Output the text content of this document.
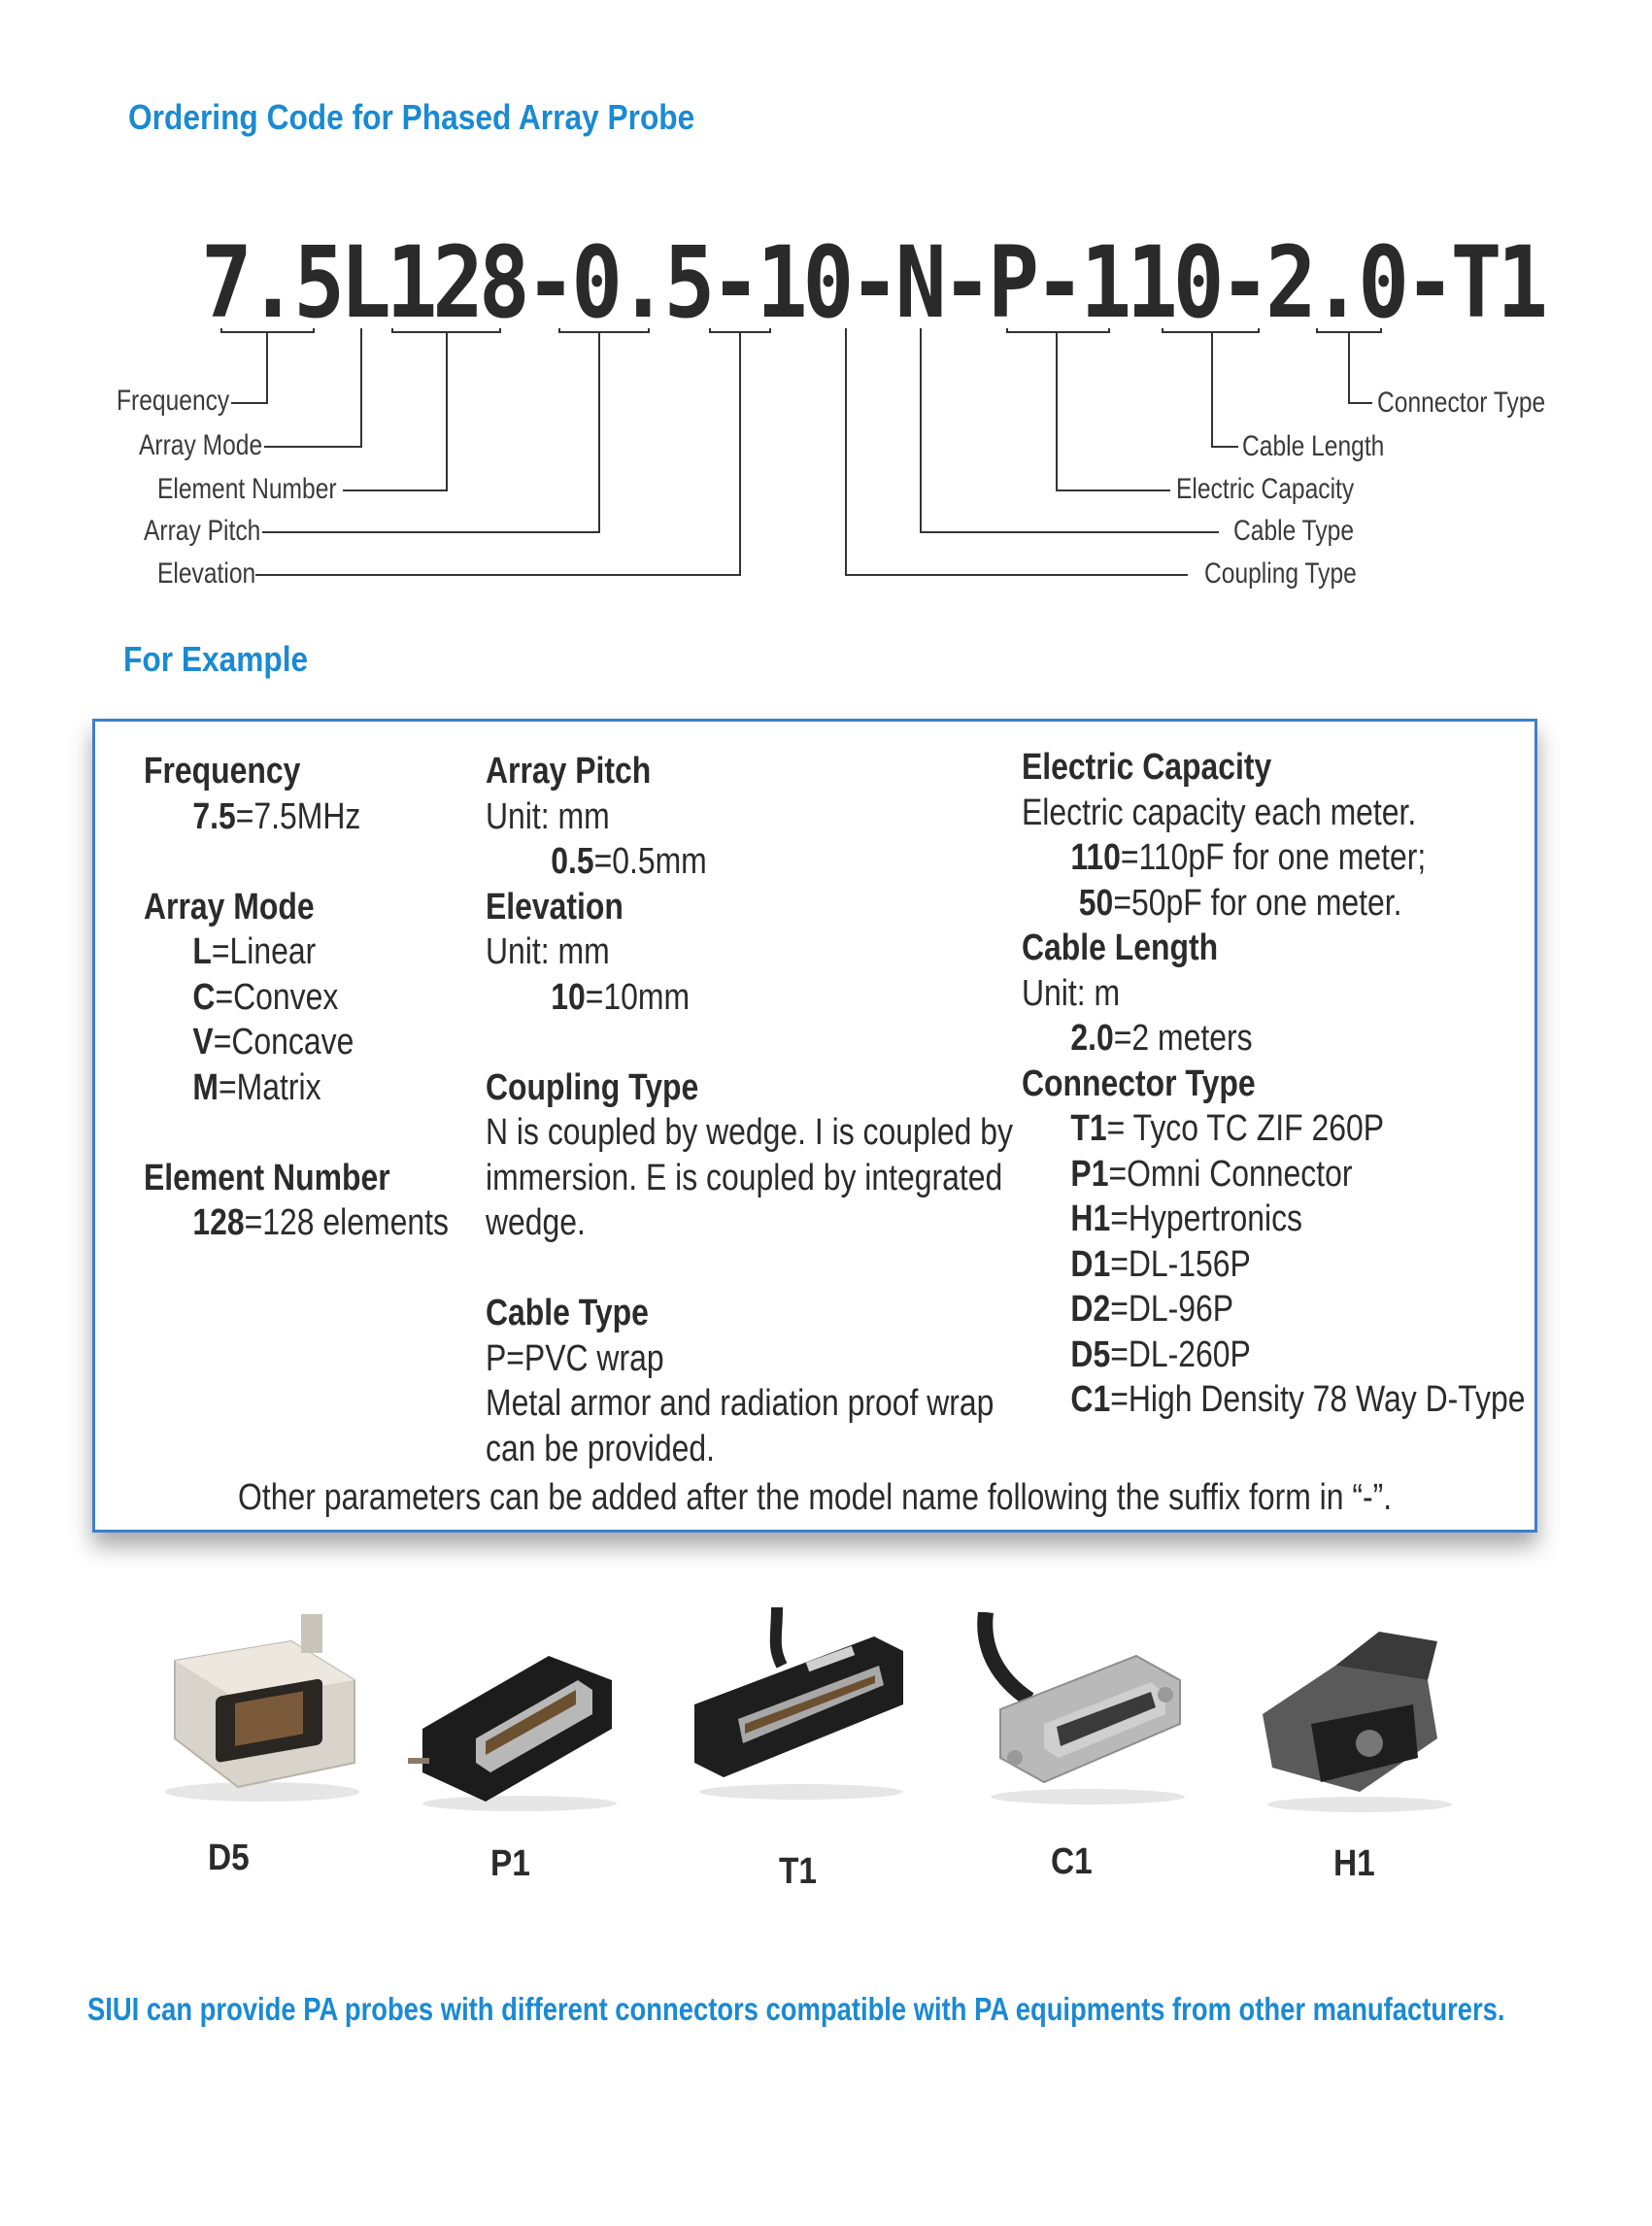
Ordering Code for Phased Array Probe
7.5L128-0.5-10-N-P-110-2.0-T1
Frequency
Array Mode
Element Number
Array Pitch
Elevation
Connector Type
Cable Length
Electric Capacity
Cable Type
Coupling Type
For Example
Frequency
7.5=7.5MHz
Array Mode
L=Linear
C=Convex
V=Concave
M=Matrix
Element Number
128=128 elements
Array Pitch
Unit: mm
0.5=0.5mm
Elevation
Unit: mm
10=10mm
Coupling Type
N is coupled by wedge. I is coupled by
immersion. E is coupled by integrated
wedge.
Cable Type
P=PVC wrap
Metal armor and radiation proof wrap
can be provided.
Electric Capacity
Electric capacity each meter.
110=110pF for one meter;
50=50pF for one meter.
Cable Length
Unit: m
2.0=2 meters
Connector Type
T1= Tyco TC ZIF 260P
P1=Omni Connector
H1=Hypertronics
D1=DL-156P
D2=DL-96P
D5=DL-260P
C1=High Density 78 Way D-Type
Other parameters can be added after the model name following the suffix form in “-”.
D5	P1	T1	C1	H1
SIUI can provide PA probes with different connectors compatible with PA equipments from other manufacturers.
